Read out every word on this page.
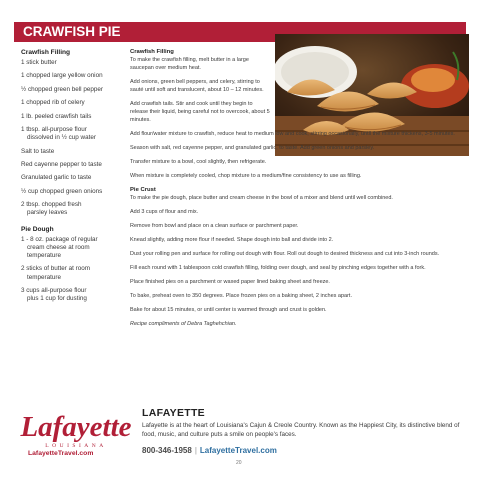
CRAWFISH PIE
Crawfish Filling
1 stick butter
1 chopped large yellow onion
½ chopped green bell pepper
1 chopped rib of celery
1 lb. peeled crawfish tails
1 tbsp. all-purpose flour
dissolved in ½ cup water
Salt to taste
Red cayenne pepper to taste
Granulated garlic to taste
½ cup chopped green onions
2 tbsp. chopped fresh
parsley leaves
Pie Dough
1 - 8 oz. package of regular
cream cheese at room
temperature
2 sticks of butter at room
temperature
3 cups all-purpose flour
plus 1 cup for dusting

Crawfish Filling

To make the crawfish filling, melt butter in a large saucepan over medium heat.

Add onions, green bell peppers, and celery, stirring to sauté until soft and translucent, about 10 – 12 minutes.

Add crawfish tails. Stir and cook until they begin to release their liquid, being careful not to overcook, about 5 minutes.

Add flour/water mixture to crawfish, reduce heat to medium low and cook, stirring occasionally, until the mixture thickens, 3-5 minutes.

Season with salt, red cayenne pepper, and granulated garlic, to taste. Add green onions and parsley.

Transfer mixture to a bowl, cool slightly, then refrigerate.

When mixture is completely cooled, chop mixture to a medium/fine consistency to use as filling.

Pie Crust

To make the pie dough, place butter and cream cheese in the bowl of a mixer and blend until well combined.

Add 3 cups of flour and mix.

Remove from bowl and place on a clean surface or parchment paper.

Knead slightly, adding more flour if needed. Shape dough into ball and divide into 2.

Dust your rolling pen and surface for rolling out dough with flour. Roll out dough to desired thickness and cut into 3-inch rounds.

Fill each round with 1 tablespoon cold crawfish filling, folding over dough, and seal by pinching edges together with a fork.

Place finished pies on a parchment or waxed paper lined baking sheet and freeze.

To bake, preheat oven to 350 degrees. Place frozen pies on a baking sheet, 2 inches apart.

Bake for about 15 minutes, or until center is warmed through and crust is golden.

Recipe compliments of Debra Taghehchian.

Lafayette
LOUISIANA
LafayetteTravel.com
LAFAYETTE
Lafayette is at the heart of Louisiana's Cajun & Creole Country. Known as the Happiest City, its distinctive blend of food, music, and culture puts a smile on people's faces.
800-346-1958 | LafayetteTravel.com
20
